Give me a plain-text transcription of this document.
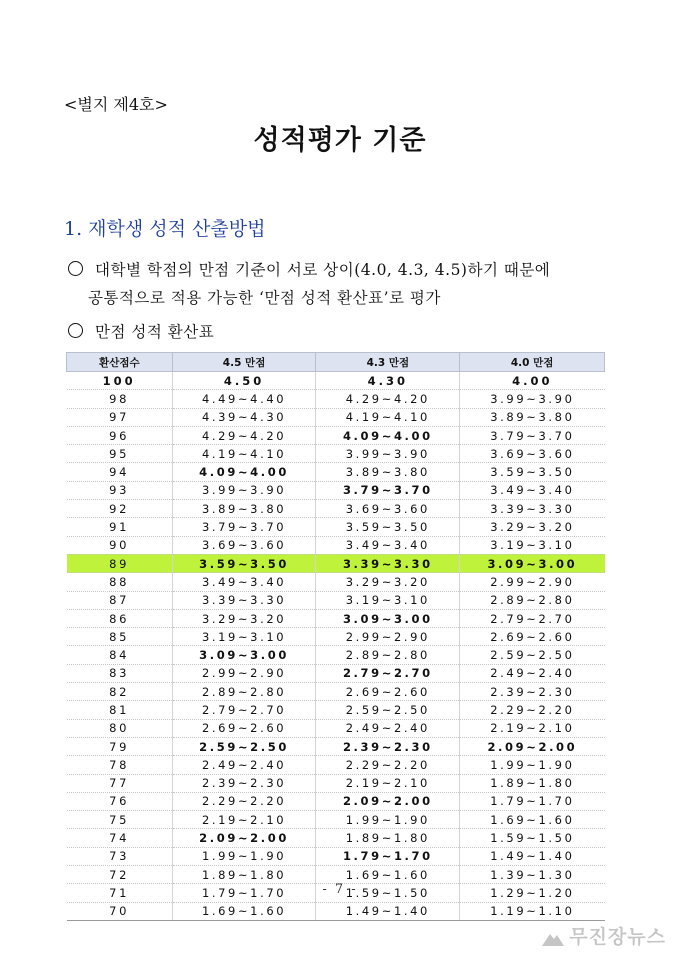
<별지 제4호>
성적평가 기준
1. 재학생 성적 산출방법
대학별 학점의 만점 기준이 서로 상이(4.0, 4.3, 4.5)하기 때문에
공통적으로 적용 가능한 ‘만점 성적 환산표’로 평가
만점 성적 환산표
환산점수	4.5 만점	4.3 만점	4.0 만점
100	4.50	4.30	4.00
98	4.49~4.40	4.29~4.20	3.99~3.90
97	4.39~4.30	4.19~4.10	3.89~3.80
96	4.29~4.20	4.09~4.00	3.79~3.70
95	4.19~4.10	3.99~3.90	3.69~3.60
94	4.09~4.00	3.89~3.80	3.59~3.50
93	3.99~3.90	3.79~3.70	3.49~3.40
92	3.89~3.80	3.69~3.60	3.39~3.30
91	3.79~3.70	3.59~3.50	3.29~3.20
90	3.69~3.60	3.49~3.40	3.19~3.10
89	3.59~3.50	3.39~3.30	3.09~3.00
88	3.49~3.40	3.29~3.20	2.99~2.90
87	3.39~3.30	3.19~3.10	2.89~2.80
86	3.29~3.20	3.09~3.00	2.79~2.70
85	3.19~3.10	2.99~2.90	2.69~2.60
84	3.09~3.00	2.89~2.80	2.59~2.50
83	2.99~2.90	2.79~2.70	2.49~2.40
82	2.89~2.80	2.69~2.60	2.39~2.30
81	2.79~2.70	2.59~2.50	2.29~2.20
80	2.69~2.60	2.49~2.40	2.19~2.10
79	2.59~2.50	2.39~2.30	2.09~2.00
78	2.49~2.40	2.29~2.20	1.99~1.90
77	2.39~2.30	2.19~2.10	1.89~1.80
76	2.29~2.20	2.09~2.00	1.79~1.70
75	2.19~2.10	1.99~1.90	1.69~1.60
74	2.09~2.00	1.89~1.80	1.59~1.50
73	1.99~1.90	1.79~1.70	1.49~1.40
72	1.89~1.80	1.69~1.60	1.39~1.30
71	1.79~1.70	1.59~1.50	1.29~1.20
70	1.69~1.60	1.49~1.40	1.19~1.10
- 7 -
무진장뉴스
